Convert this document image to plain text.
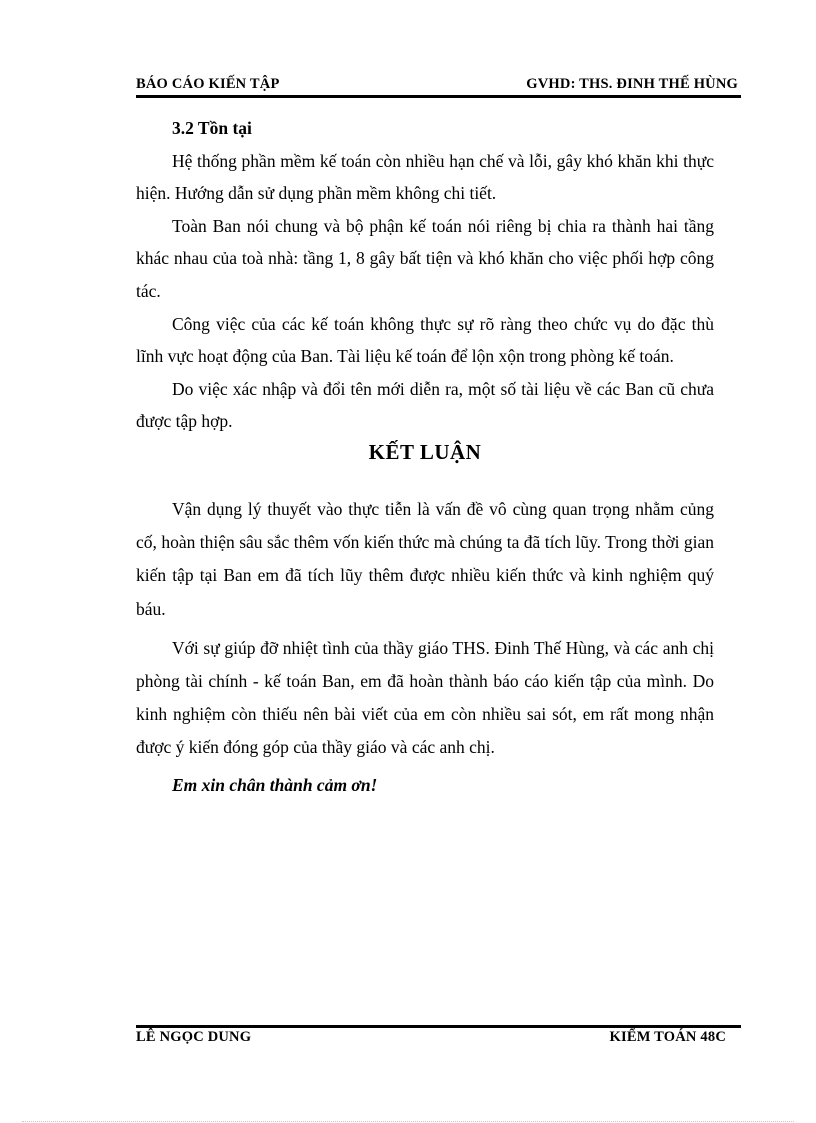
BÁO CÁO KIẾN TẬP	GVHD: THS. ĐINH THẾ HÙNG
3.2 Tồn tại

Hệ thống phần mềm kế toán còn nhiều hạn chế và lỗi, gây khó khăn khi thực hiện. Hướng dẫn sử dụng phần mềm không chi tiết.

Toàn Ban nói chung và bộ phận kế toán nói riêng bị chia ra thành hai tầng khác nhau của toà nhà: tầng 1, 8 gây bất tiện và khó khăn cho việc phối hợp công tác.

Công việc của các kế toán không thực sự rõ ràng theo chức vụ do đặc thù lĩnh vực hoạt động của Ban. Tài liệu kế toán để lộn xộn trong phòng kế toán.

Do việc xác nhập và đổi tên mới diễn ra, một số tài liệu về các Ban cũ chưa được tập hợp.

KẾT LUẬN

Vận dụng lý thuyết vào thực tiễn là vấn đề vô cùng quan trọng nhằm củng cố, hoàn thiện sâu sắc thêm vốn kiến thức mà chúng ta đã tích lũy. Trong thời gian kiến tập tại Ban em đã tích lũy thêm được nhiều kiến thức và kinh nghiệm quý báu.

Với sự giúp đỡ nhiệt tình của thầy giáo THS. Đinh Thế Hùng, và các anh chị phòng tài chính - kế toán Ban, em đã hoàn thành báo cáo kiến tập của mình. Do kinh nghiệm còn thiếu nên bài viết của em còn nhiều sai sót, em rất mong nhận được ý kiến đóng góp của thầy giáo và các anh chị.

Em xin chân thành cảm ơn!
LÊ NGỌC DUNG	KIỂM TOÁN 48C
